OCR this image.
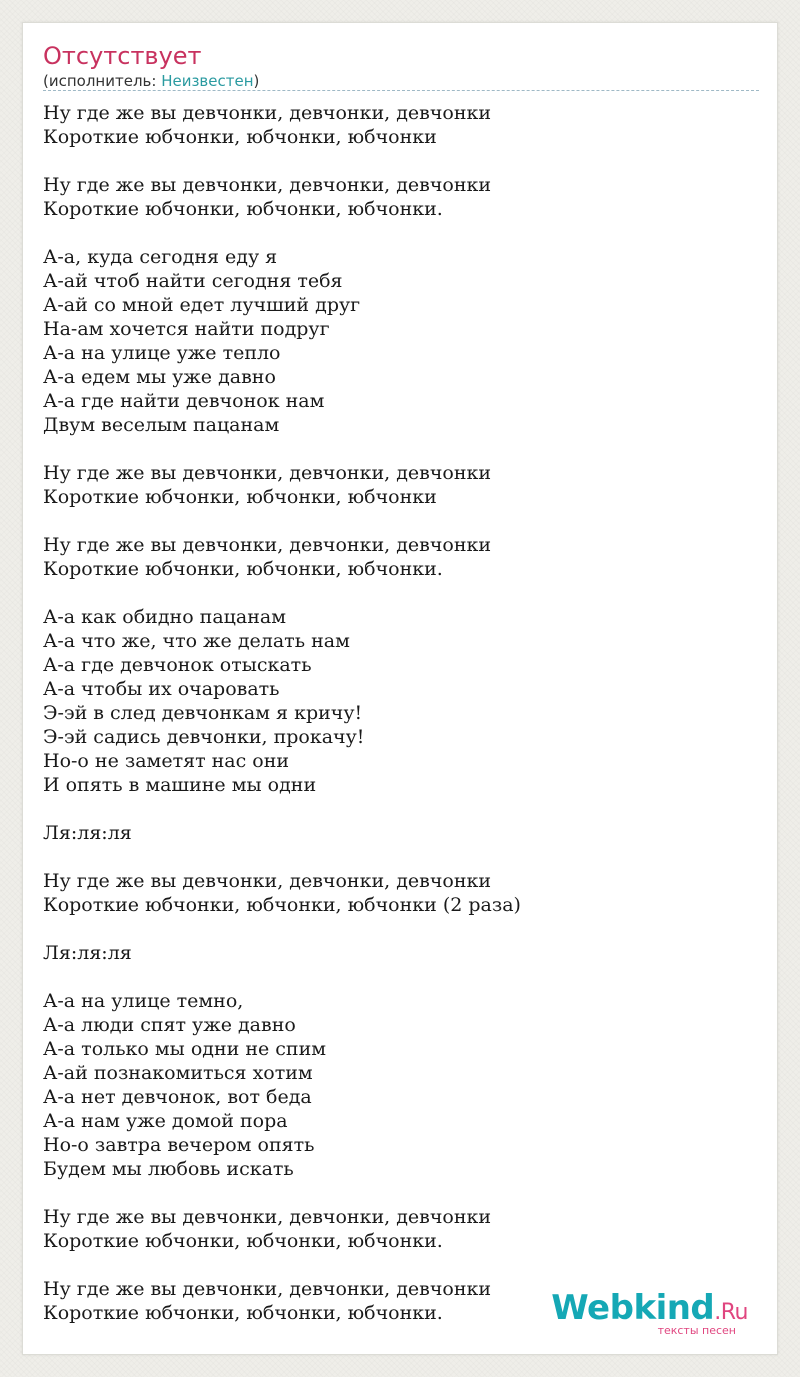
Отсутствует
(исполнитель: Неизвестен)
Ну где же вы девчонки, девчонки, девчонки
Короткие юбчонки, юбчонки, юбчонки

Ну где же вы девчонки, девчонки, девчонки
Короткие юбчонки, юбчонки, юбчонки.

А-а, куда сегодня еду я
А-ай чтоб найти сегодня тебя
А-ай со мной едет лучший друг
На-ам хочется найти подруг
А-а на улице уже тепло
А-а едем мы уже давно
А-а где найти девчонок нам
Двум веселым пацанам

Ну где же вы девчонки, девчонки, девчонки
Короткие юбчонки, юбчонки, юбчонки

Ну где же вы девчонки, девчонки, девчонки
Короткие юбчонки, юбчонки, юбчонки.

А-а как обидно пацанам
А-а что же, что же делать нам
А-а где девчонок отыскать
А-а чтобы их очаровать
Э-эй в след девчонкам я кричу!
Э-эй садись девчонки, прокачу!
Но-о не заметят нас они
И опять в машине мы одни

Ля:ля:ля

Ну где же вы девчонки, девчонки, девчонки
Короткие юбчонки, юбчонки, юбчонки (2 раза)

Ля:ля:ля

А-а на улице темно,
А-а люди спят уже давно
А-а только мы одни не спим
А-ай познакомиться хотим
А-а нет девчонок, вот беда
А-а нам уже домой пора
Но-о завтра вечером опять
Будем мы любовь искать

Ну где же вы девчонки, девчонки, девчонки
Короткие юбчонки, юбчонки, юбчонки.

Ну где же вы девчонки, девчонки, девчонки
Короткие юбчонки, юбчонки, юбчонки.	Webkind.Ru
тексты песен
